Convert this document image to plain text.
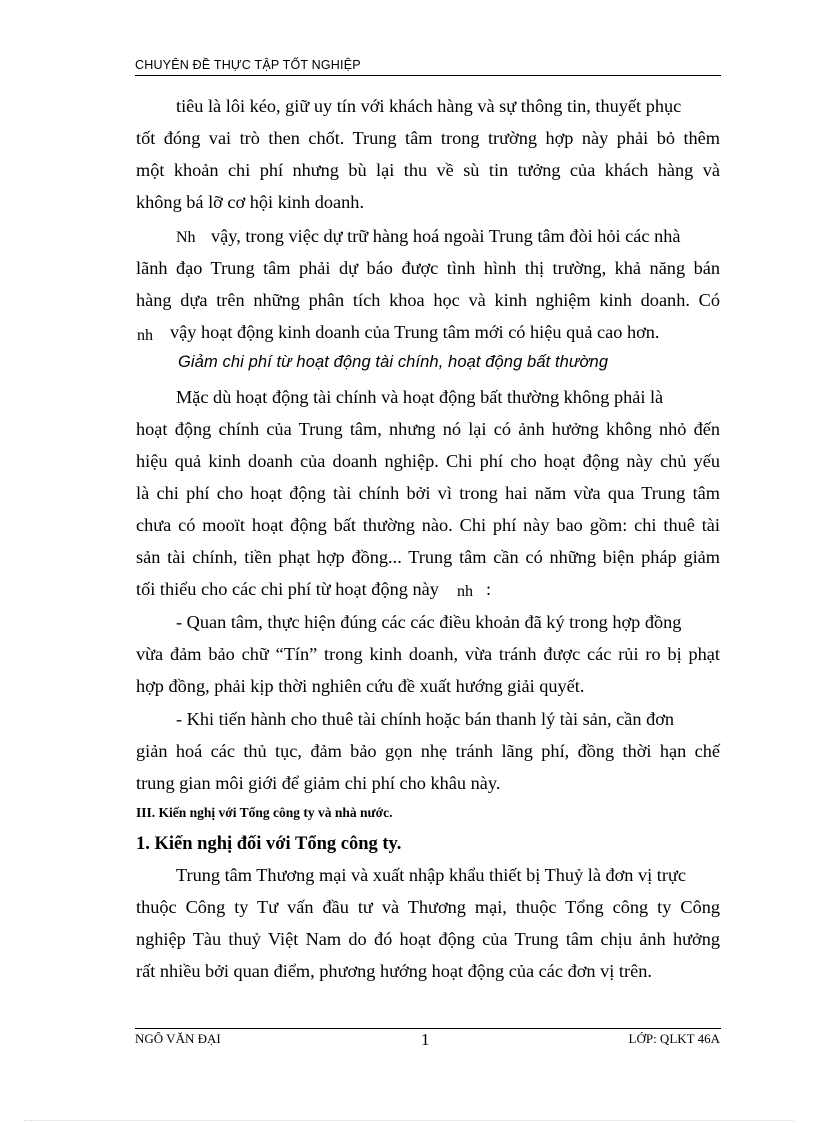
CHUYÊN ĐỀ THỰC TẬP TỐT NGHIỆP
tiêu là lôi kéo, giữ uy tín với khách hàng và sự thông tin, thuyết phục
tốt đóng vai trò then chốt. Trung tâm trong trường hợp này phải bỏ thêm
một khoản chi phí nhưng bù lại thu về sù tin tưởng của khách hàng và
không bá lỡ cơ hội kinh doanh.
Nh vậy, trong việc dự trữ hàng hoá ngoài Trung tâm đòi hỏi các nhà
lãnh đạo Trung tâm phải dự báo được tình hình thị trường, khả năng bán
hàng dựa trên những phân tích khoa học và kinh nghiệm kinh doanh. Có
nh vậy hoạt động kinh doanh của Trung tâm mới có hiệu quả cao hơn.
Giảm chi phí từ hoạt động tài chính, hoạt động bất thường
Mặc dù hoạt động tài chính và hoạt động bất thường không phải là
hoạt động chính của Trung tâm, nhưng nó lại có ảnh hưởng không nhỏ đến
hiệu quả kinh doanh của doanh nghiệp. Chi phí cho hoạt động này chủ yếu
là chi phí cho hoạt động tài chính bởi vì trong hai năm vừa qua Trung tâm
chưa có mooït hoạt động bất thường nào. Chi phí này bao gồm: chi thuê tài
sản tài chính, tiền phạt hợp đồng... Trung tâm cần có những biện pháp giảm
tối thiểu cho các chi phí từ hoạt động này nh :
- Quan tâm, thực hiện đúng các các điều khoản đã ký trong hợp đồng
vừa đảm bảo chữ “Tín” trong kinh doanh, vừa tránh được các rủi ro bị phạt
hợp đồng, phải kịp thời nghiên cứu đề xuất hướng giải quyết.
- Khi tiến hành cho thuê tài chính hoặc bán thanh lý tài sản, cần đơn
giản hoá các thủ tục, đảm bảo gọn nhẹ tránh lãng phí, đồng thời hạn chế
trung gian môi giới để giảm chi phí cho khâu này.
III. Kiến nghị với Tổng công ty và nhà nước.
1. Kiến nghị đối với Tổng công ty.
Trung tâm Thương mại và xuất nhập khẩu thiết bị Thuỷ là đơn vị trực
thuộc Công ty Tư vấn đầu tư và Thương mại, thuộc Tổng công ty Công
nghiệp Tàu thuỷ Việt Nam do đó hoạt động của Trung tâm chịu ảnh hưởng
rất nhiều bởi quan điểm, phương hướng hoạt động của các đơn vị trên.
NGÔ VĂN ĐẠI	1	LỚP: QLKT 46A
